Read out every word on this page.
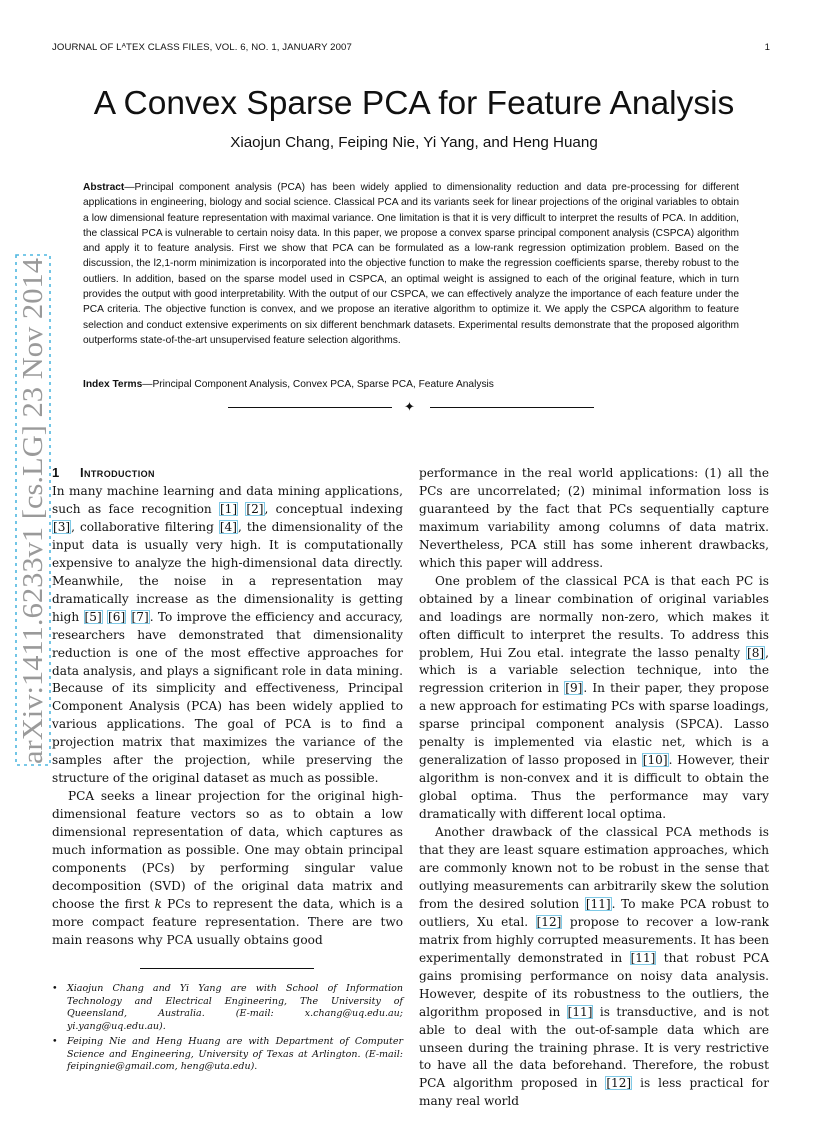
JOURNAL OF LᴬTEX CLASS FILES, VOL. 6, NO. 1, JANUARY 2007	1
A Convex Sparse PCA for Feature Analysis
Xiaojun Chang, Feiping Nie, Yi Yang, and Heng Huang
Abstract—Principal component analysis (PCA) has been widely applied to dimensionality reduction and data pre-processing for different applications in engineering, biology and social science. Classical PCA and its variants seek for linear projections of the original variables to obtain a low dimensional feature representation with maximal variance. One limitation is that it is very difficult to interpret the results of PCA. In addition, the classical PCA is vulnerable to certain noisy data. In this paper, we propose a convex sparse principal component analysis (CSPCA) algorithm and apply it to feature analysis. First we show that PCA can be formulated as a low-rank regression optimization problem. Based on the discussion, the l2,1-norm minimization is incorporated into the objective function to make the regression coefficients sparse, thereby robust to the outliers. In addition, based on the sparse model used in CSPCA, an optimal weight is assigned to each of the original feature, which in turn provides the output with good interpretability. With the output of our CSPCA, we can effectively analyze the importance of each feature under the PCA criteria. The objective function is convex, and we propose an iterative algorithm to optimize it. We apply the CSPCA algorithm to feature selection and conduct extensive experiments on six different benchmark datasets. Experimental results demonstrate that the proposed algorithm outperforms state-of-the-art unsupervised feature selection algorithms.
Index Terms—Principal Component Analysis, Convex PCA, Sparse PCA, Feature Analysis
✦
arXiv:1411.6233v1 [cs.LG] 23 Nov 2014 1 Introduction

In many machine learning and data mining applications, such as face recognition [1] [2], conceptual indexing [3], collaborative filtering [4], the dimensionality of the input data is usually very high. It is computationally expensive to analyze the high-dimensional data directly. Meanwhile, the noise in a representation may dramatically increase as the dimensionality is getting high [5] [6] [7]. To improve the efficiency and accuracy, researchers have demonstrated that dimensionality reduction is one of the most effective approaches for data analysis, and plays a significant role in data mining. Because of its simplicity and effectiveness, Principal Component Analysis (PCA) has been widely applied to various applications. The goal of PCA is to find a projection matrix that maximizes the variance of the samples after the projection, while preserving the structure of the original dataset as much as possible.

PCA seeks a linear projection for the original high-dimensional feature vectors so as to obtain a low dimensional representation of data, which captures as much information as possible. One may obtain principal components (PCs) by performing singular value decomposition (SVD) of the original data matrix and choose the first k PCs to represent the data, which is a more compact feature representation. There are two main reasons why PCA usually obtains good

• Xiaojun Chang and Yi Yang are with School of Information Technology and Electrical Engineering, The University of Queensland, Australia. (E-mail: x.chang@uq.edu.au; yi.yang@uq.edu.au).
• Feiping Nie and Heng Huang are with Department of Computer Science and Engineering, University of Texas at Arlington. (E-mail: feipingnie@gmail.com, heng@uta.edu).

performance in the real world applications: (1) all the PCs are uncorrelated; (2) minimal information loss is guaranteed by the fact that PCs sequentially capture maximum variability among columns of data matrix. Nevertheless, PCA still has some inherent drawbacks, which this paper will address.

One problem of the classical PCA is that each PC is obtained by a linear combination of original variables and loadings are normally non-zero, which makes it often difficult to interpret the results. To address this problem, Hui Zou etal. integrate the lasso penalty [8], which is a variable selection technique, into the regression criterion in [9]. In their paper, they propose a new approach for estimating PCs with sparse loadings, sparse principal component analysis (SPCA). Lasso penalty is implemented via elastic net, which is a generalization of lasso proposed in [10]. However, their algorithm is non-convex and it is difficult to obtain the global optima. Thus the performance may vary dramatically with different local optima.

Another drawback of the classical PCA methods is that they are least square estimation approaches, which are commonly known not to be robust in the sense that outlying measurements can arbitrarily skew the solution from the desired solution [11]. To make PCA robust to outliers, Xu etal. [12] propose to recover a low-rank matrix from highly corrupted measurements. It has been experimentally demonstrated in [11] that robust PCA gains promising performance on noisy data analysis. However, despite of its robustness to the outliers, the algorithm proposed in [11] is transductive, and is not able to deal with the out-of-sample data which are unseen during the training phrase. It is very restrictive to have all the data beforehand. Therefore, the robust PCA algorithm proposed in [12] is less practical for many real world
